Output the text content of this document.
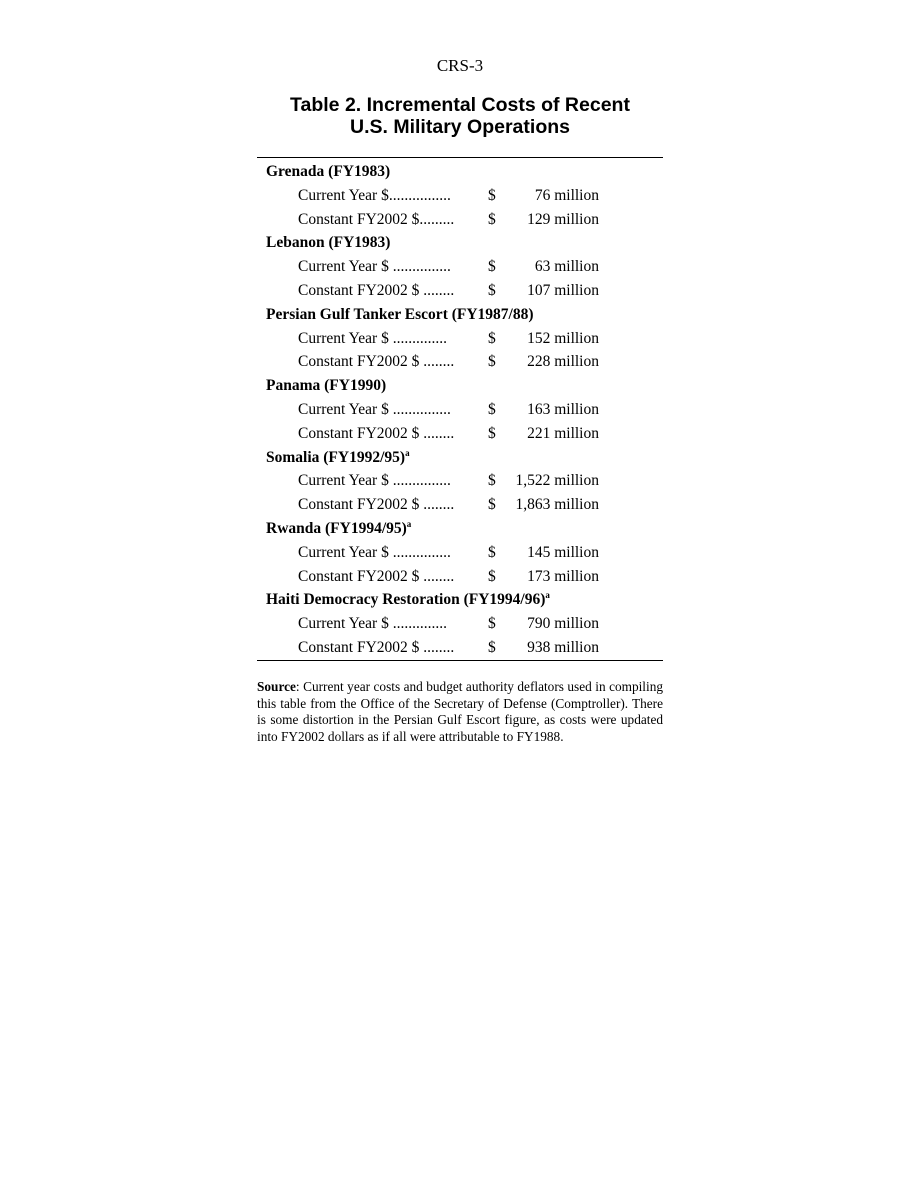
CRS-3
Table 2. Incremental Costs of Recent
U.S. Military Operations
Grenada (FY1983)
Current Year $................ $	76 million
Constant FY2002 $......... $ 129 million
Lebanon (FY1983)
Current Year $ ............... $	63 million
Constant FY2002 $ ........ $ 107 million
Persian Gulf Tanker Escort (FY1987/88)
Current Year $ ..............	$ 152 million
Constant FY2002 $ ........ $ 228 million
Panama (FY1990)
Current Year $ ............... $ 163 million
Constant FY2002 $ ........ $ 221 million
Somalia $(FY1992/95)^a$
Current Year $ ............... $ 1,522 million
Constant FY2002 $ ........ $ 1,863 million
Rwanda $(FY1994/95)^a$
Current Year $ ............... $ 145 million
Constant FY2002 $ ........ $ 173 million
Haiti Democracy Restoration $(FY1994/96)^a$
Current Year $ ..............	$ 790 million
Constant FY2002 $ ........ $ 938 million
Source: Current year costs and budget authority deflators used in compiling this table from the Office of the Secretary of Defense (Comptroller). There is some distortion in the Persian Gulf Escort figure, as costs were updated into FY2002 dollars as if all were attributable to FY1988.
